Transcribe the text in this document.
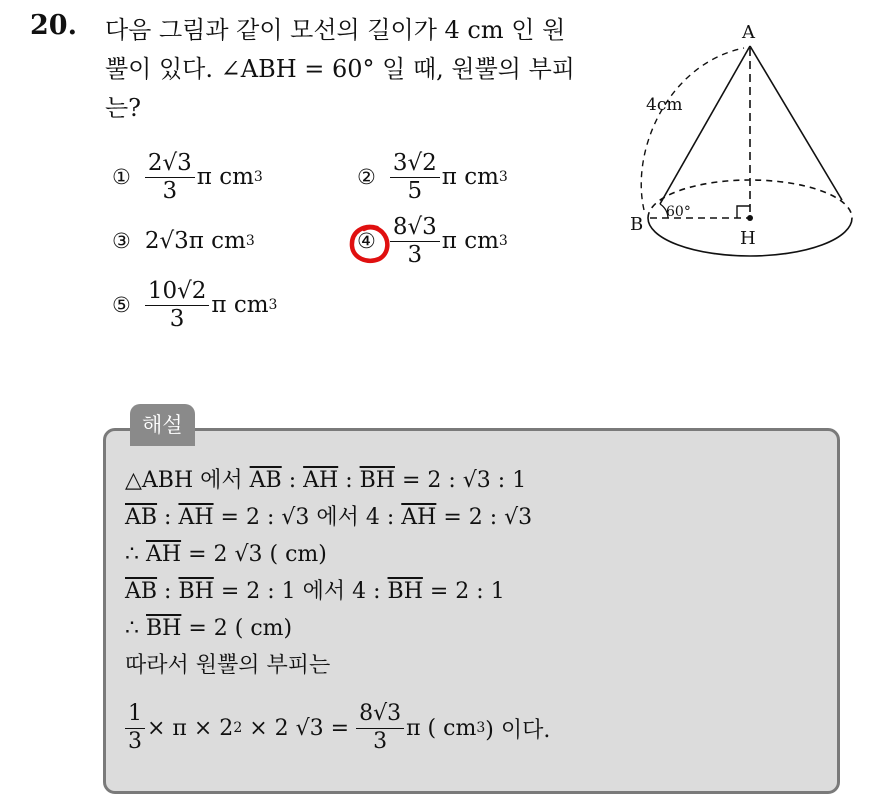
20. 다음 그림과 같이 모선의 길이가 4 cm 인 원
뿔이 있다. ∠ABH = 60° 일 때, 원뿔의 부피
는?
① $\frac{2√3}{3}$ π cm 3	② $\frac{3√2}{5}$ π cm 3
③ 2√3π cm 3	④ $\frac{8√3}{3}$ π cm 3
⑤ $\frac{10√2}{3}$ π cm 3
A
B
H
4cm
60°
해설
△ABH 에서 $\overline{AB}$ : $\overline{AH}$ : $\overline{BH} = 2$ : √3 : 1
$\overline{AB}$ : $\overline{AH} = 2$ : √3 에서 4 : $\overline{AH} = 2$ : √3
∴ $\overline{AH} = 2$ √3 ( cm)
$\overline{AB}$ : $\overline{BH} = 2$ : 1 에서 4 : $\overline{BH} = 2$ : 1
∴ $\overline{BH} = 2$ ( cm)
따라서 원뿔의 부피는
$\frac{1}{3} \times \pi \times 2$ 2 × 2 $√3 = \frac{8√3}{3}$ π ( cm 3 ) 이다.
